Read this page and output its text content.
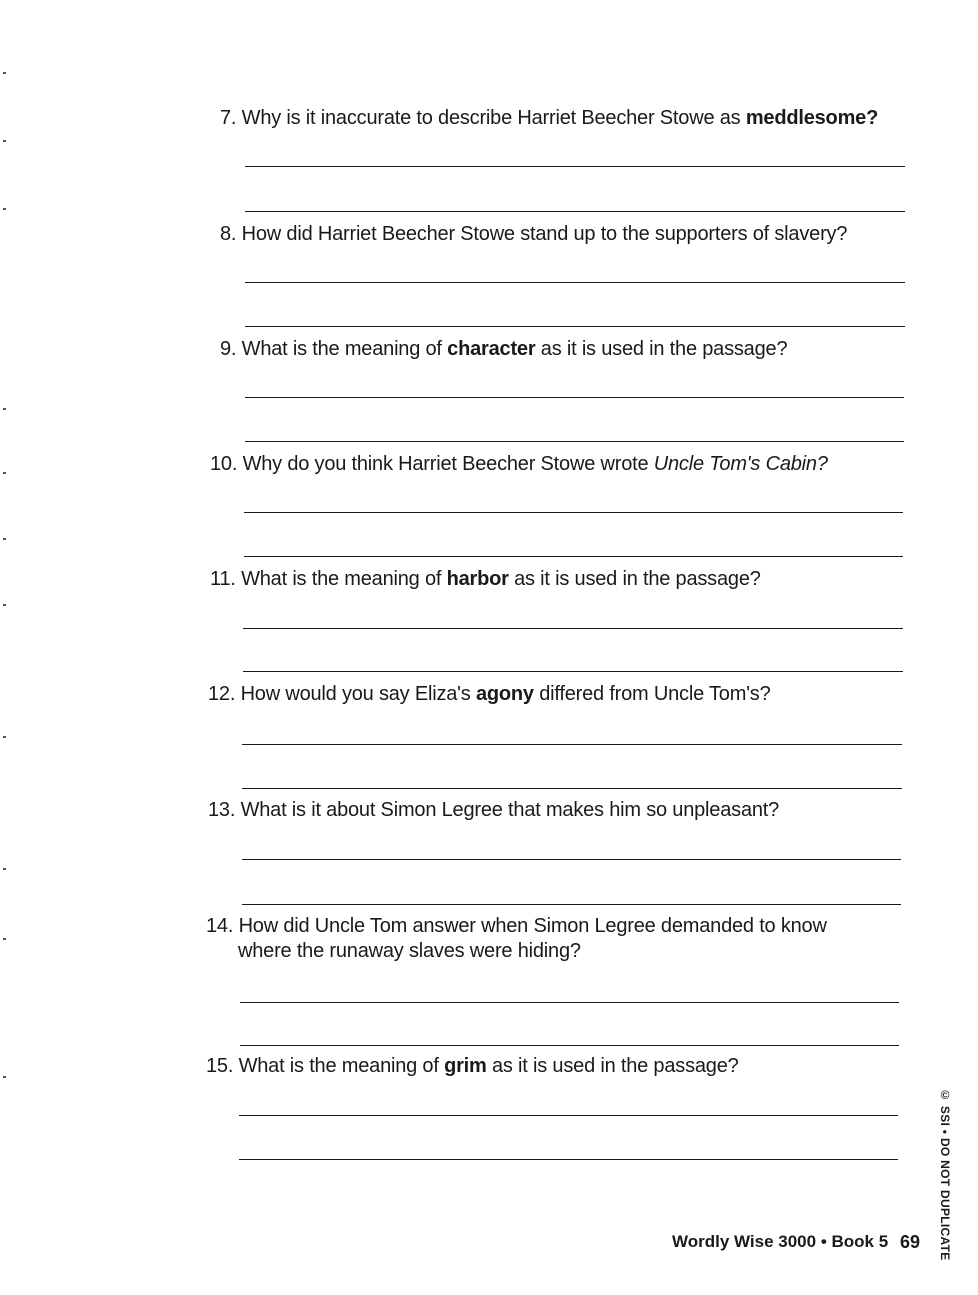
7. Why is it inaccurate to describe Harriet Beecher Stowe as meddlesome?
8. How did Harriet Beecher Stowe stand up to the supporters of slavery?
9. What is the meaning of character as it is used in the passage?
10. Why do you think Harriet Beecher Stowe wrote Uncle Tom's Cabin?
11. What is the meaning of harbor as it is used in the passage?
12. How would you say Eliza's agony differed from Uncle Tom's?
13. What is it about Simon Legree that makes him so unpleasant?
14. How did Uncle Tom answer when Simon Legree demanded to know
where the runaway slaves were hiding?
15. What is the meaning of grim as it is used in the passage?
© SSI • DO NOT DUPLICATE
Wordly Wise 3000 • Book 5 69
